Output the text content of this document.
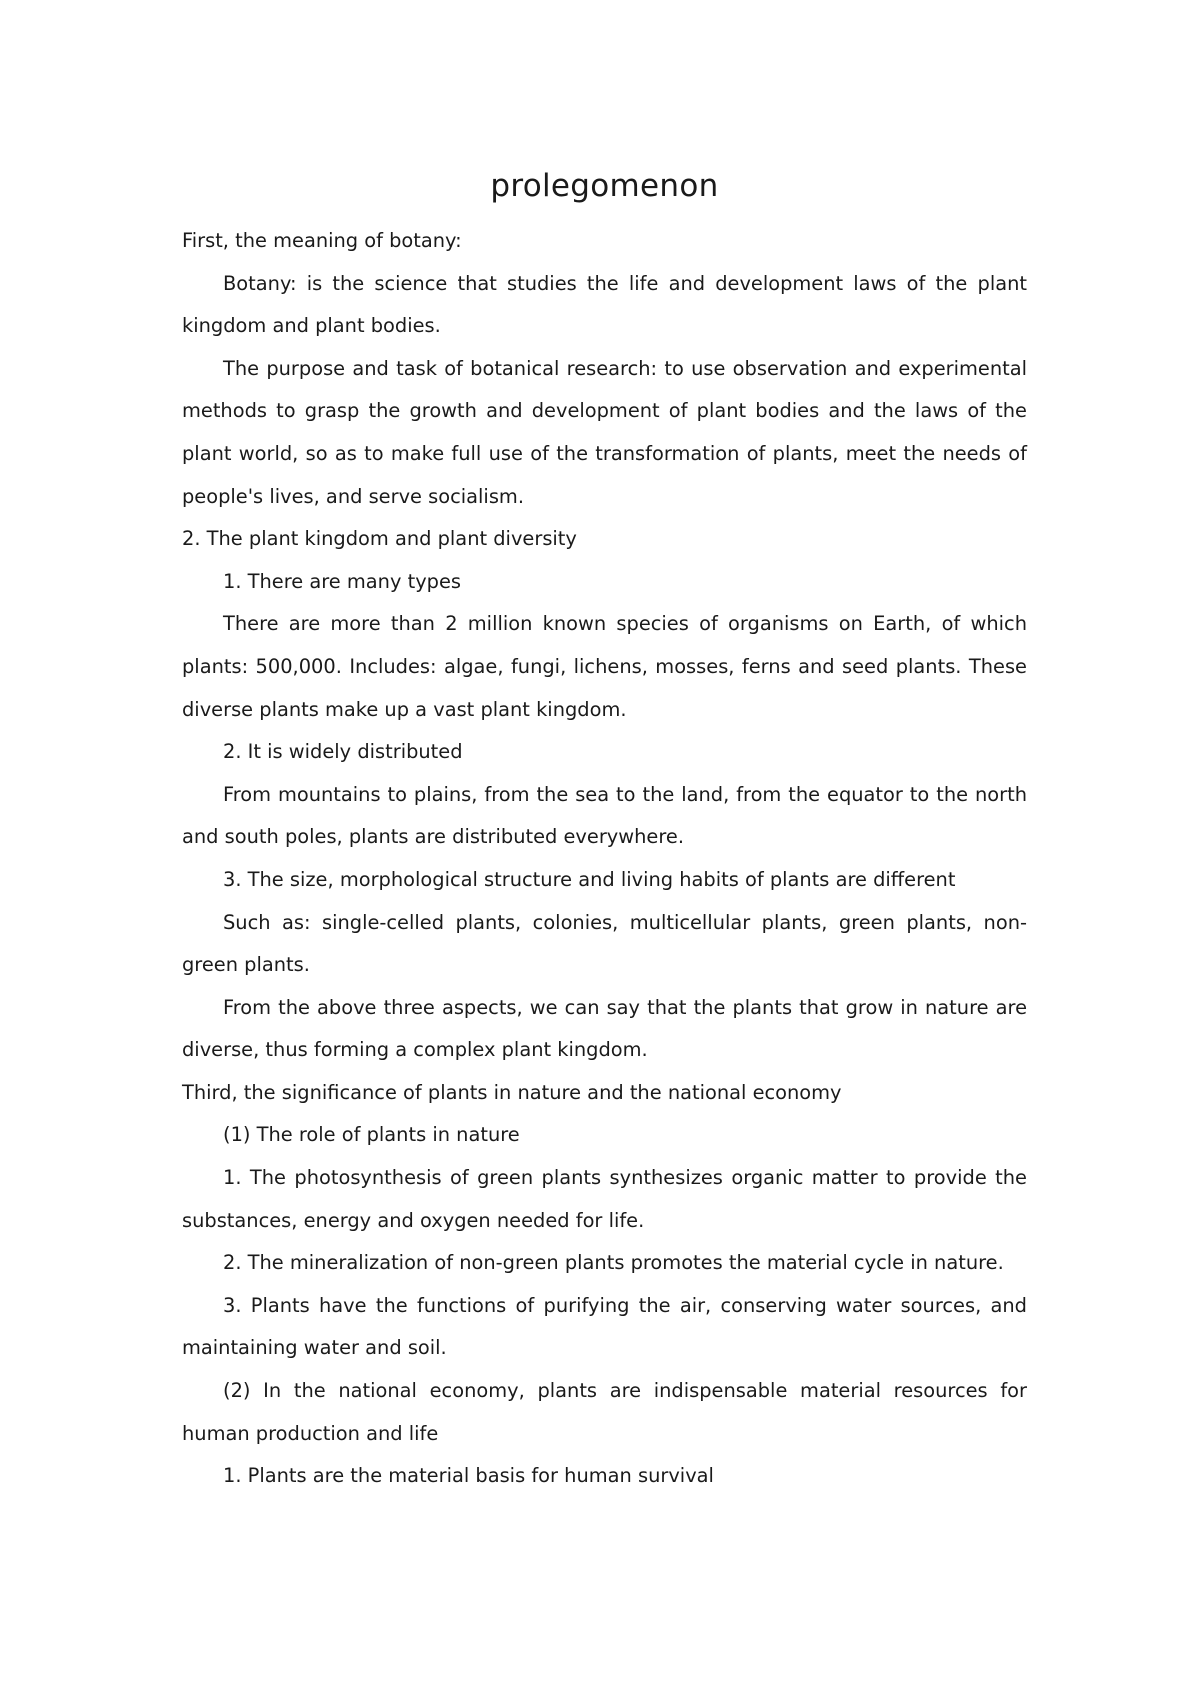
prolegomenon
First, the meaning of botany:
Botany: is the science that studies the life and development laws of the plant kingdom and plant bodies.
The purpose and task of botanical research: to use observation and experimental methods to grasp the growth and development of plant bodies and the laws of the plant world, so as to make full use of the transformation of plants, meet the needs of people's lives, and serve socialism.
2. The plant kingdom and plant diversity
1. There are many types
There are more than 2 million known species of organisms on Earth, of which plants: 500,000. Includes: algae, fungi, lichens, mosses, ferns and seed plants. These diverse plants make up a vast plant kingdom.
2. It is widely distributed
From mountains to plains, from the sea to the land, from the equator to the north and south poles, plants are distributed everywhere.
3. The size, morphological structure and living habits of plants are different
Such as: single-celled plants, colonies, multicellular plants, green plants, non-green plants.
From the above three aspects, we can say that the plants that grow in nature are diverse, thus forming a complex plant kingdom.
Third, the significance of plants in nature and the national economy
(1) The role of plants in nature
1. The photosynthesis of green plants synthesizes organic matter to provide the substances, energy and oxygen needed for life.
2. The mineralization of non-green plants promotes the material cycle in nature.
3. Plants have the functions of purifying the air, conserving water sources, and maintaining water and soil.
(2) In the national economy, plants are indispensable material resources for human production and life
1. Plants are the material basis for human survival
